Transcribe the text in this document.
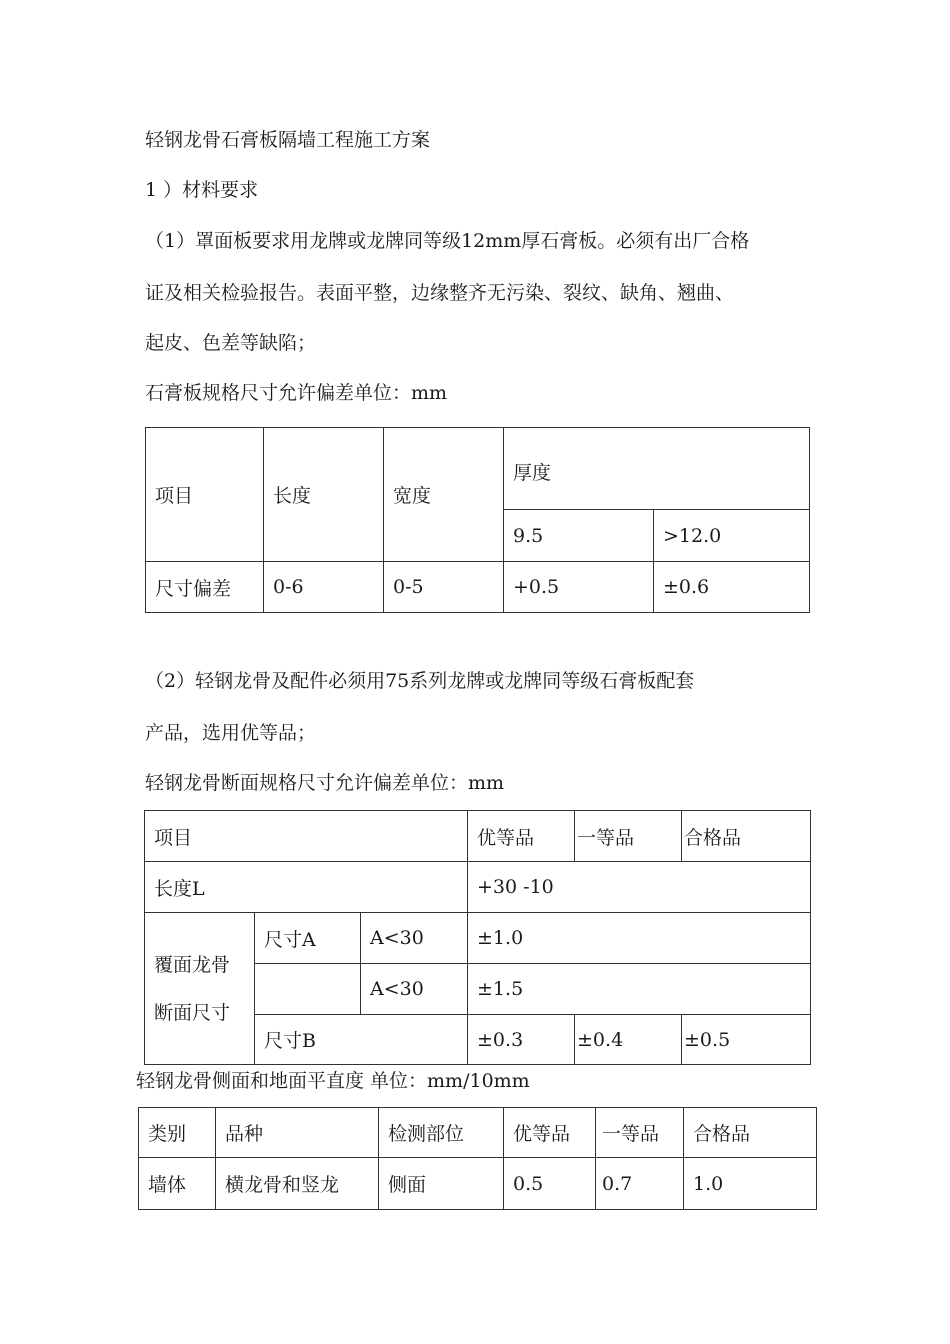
轻钢龙骨石膏板隔墙工程施工方案
1 ）材料要求
（1）罩面板要求用龙牌或龙牌同等级12mm厚石膏板。必须有出厂合格
证及相关检验报告。表面平整，边缘整齐无污染、裂纹、缺角、翘曲、
起皮、色差等缺陷；
石膏板规格尺寸允许偏差单位：mm
项目	长度	宽度	厚度	
			9.5	>12.0
尺寸偏差	0-6	0-5	+0.5	±0.6
（2）轻钢龙骨及配件必须用75系列龙牌或龙牌同等级石膏板配套
产品，选用优等品；
轻钢龙骨断面规格尺寸允许偏差单位：mm
项目			优等品	一等品	合格品
长度L			+30 -10		

覆面龙骨
断面尺寸	尺寸A	A<30	±1.0		
		A<30	±1.5		
	尺寸B		±0.3	±0.4	±0.5
轻钢龙骨侧面和地面平直度 单位：mm/10mm
类别	品种	检测部位	优等品	一等品	合格品
墙体	横龙骨和竖龙	侧面	0.5	0.7	1.0
